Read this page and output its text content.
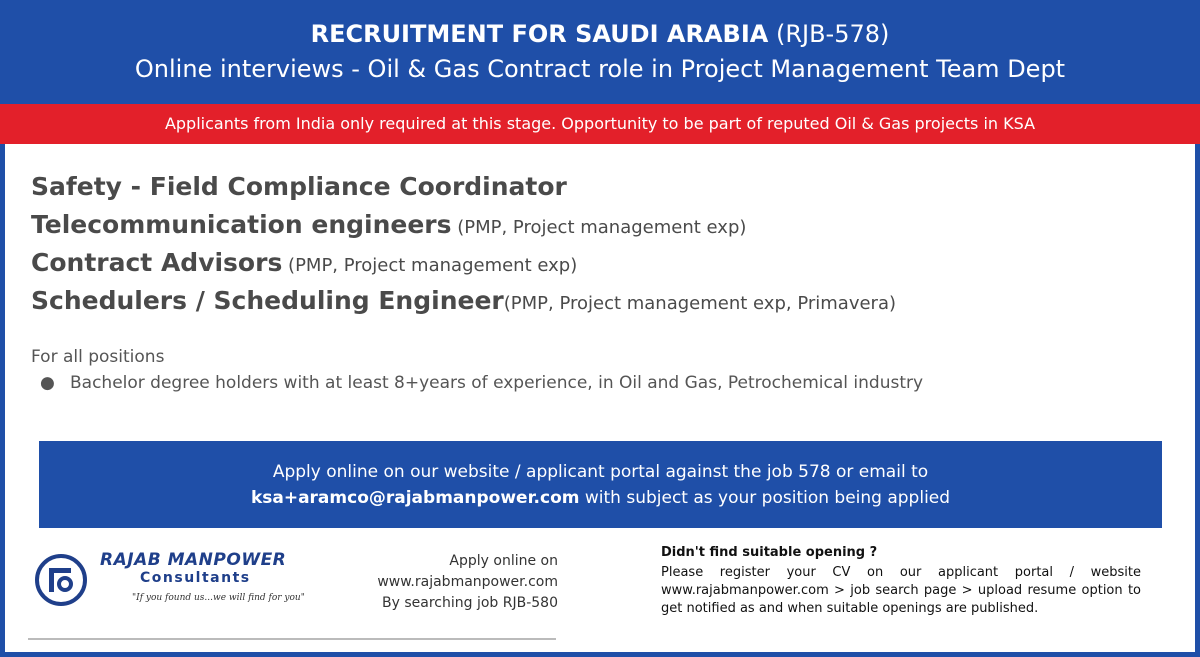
RECRUITMENT FOR SAUDI ARABIA (RJB-578)
Online interviews - Oil & Gas Contract role in Project Management Team Dept
Applicants from India only required at this stage. Opportunity to be part of reputed Oil & Gas projects in KSA
Safety - Field Compliance Coordinator
Telecommunication engineers (PMP, Project management exp)
Contract Advisors (PMP, Project management exp)
Schedulers / Scheduling Engineer(PMP, Project management exp, Primavera)
For all positions
● Bachelor degree holders with at least 8+years of experience, in Oil and Gas, Petrochemical industry
Apply online on our website / applicant portal against the job 578 or email to
ksa+aramco@rajabmanpower.com with subject as your position being applied
RAJAB MANPOWER
Consultants
"If you found us...we will find for you"
Apply online on
www.rajabmanpower.com
By searching job RJB-580
Didn't find suitable opening ?
Please register your CV on our applicant portal / website www.rajabmanpower.com > job search page > upload resume option to get notified as and when suitable openings are published.
